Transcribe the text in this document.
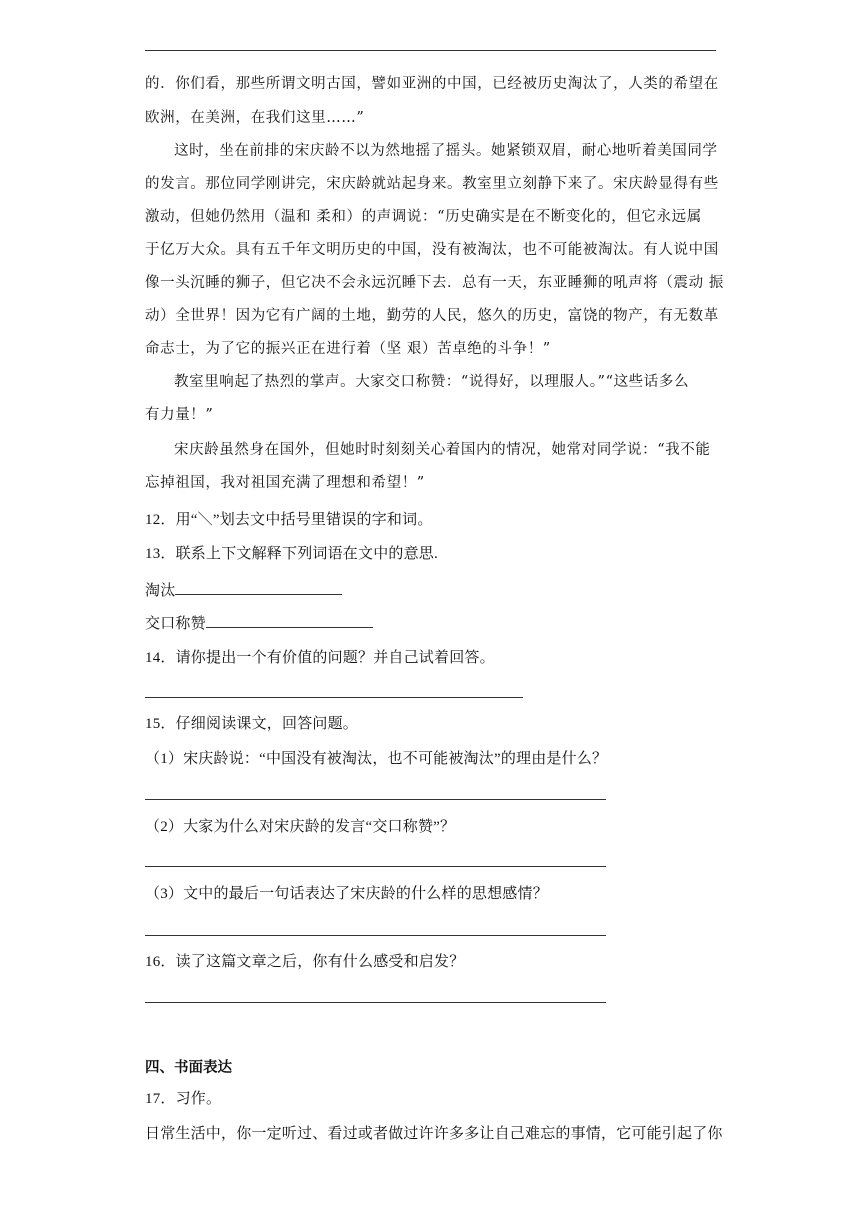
的．你们看，那些所谓文明古国，譬如亚洲的中国，已经被历史淘汰了，人类的希望在
欧洲，在美洲，在我们这里……”
这时，坐在前排的宋庆龄不以为然地摇了摇头。她紧锁双眉，耐心地听着美国同学
的发言。那位同学刚讲完，宋庆龄就站起身来。教室里立刻静下来了。宋庆龄显得有些
激动，但她仍然用（温和 柔和）的声调说：“历史确实是在不断变化的，但它永远属
于亿万大众。具有五千年文明历史的中国，没有被淘汰，也不可能被淘汰。有人说中国
像一头沉睡的狮子，但它决不会永远沉睡下去．总有一天，东亚睡狮的吼声将（震动 振
动）全世界！因为它有广阔的土地，勤劳的人民，悠久的历史，富饶的物产，有无数革
命志士，为了它的振兴正在进行着（坚 艰）苦卓绝的斗争！”
教室里响起了热烈的掌声。大家交口称赞：“说得好，以理服人。”“这些话多么
有力量！”
宋庆龄虽然身在国外，但她时时刻刻关心着国内的情况，她常对同学说：“我不能
忘掉祖国，我对祖国充满了理想和希望！”
12．用“＼”划去文中括号里错误的字和词。
13．联系上下文解释下列词语在文中的意思.
淘汰
交口称赞
14．请你提出一个有价值的问题？并自己试着回答。
15．仔细阅读课文，回答问题。
（1）宋庆龄说：“中国没有被淘汰，也不可能被淘汰”的理由是什么？
（2）大家为什么对宋庆龄的发言“交口称赞”？
（3）文中的最后一句话表达了宋庆龄的什么样的思想感情？
16．读了这篇文章之后，你有什么感受和启发？
四、书面表达
17．习作。
日常生活中，你一定听过、看过或者做过许许多多让自己难忘的事情，它可能引起了你
